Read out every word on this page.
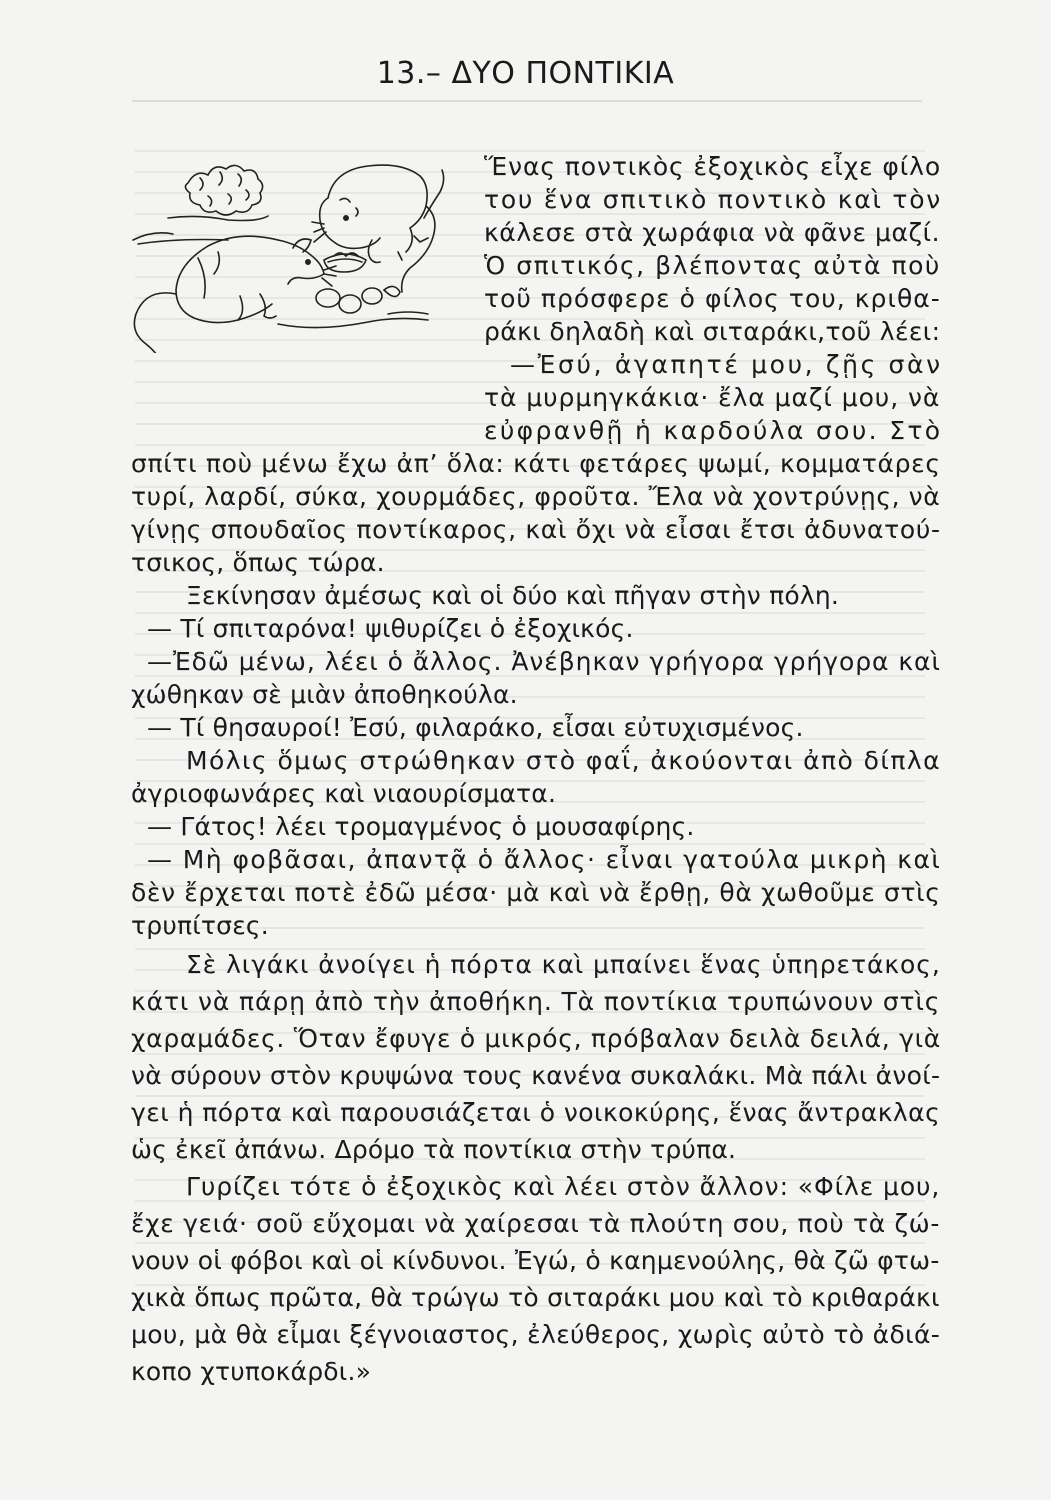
13.– ΔΥΟ ΠΟΝΤΙΚΙΑ
Ἕνας ποντικὸς ἐξοχικὸς εἶχε φίλο
του ἕνα σπιτικὸ ποντικὸ καὶ τὸν
κάλεσε στὰ χωράφια νὰ φᾶνε μαζί.
Ὁ σπιτικός, βλέποντας αὐτὰ ποὺ
τοῦ πρόσφερε ὁ φίλος του, κριθα-
ράκι δηλαδὴ καὶ σιταράκι,τοῦ λέει:
—Ἐσύ, ἀγαπητέ μου, ζῇς σὰν
τὰ μυρμηγκάκια· ἔλα μαζί μου, νὰ
εὐφρανθῇ ἡ καρδούλα σου. Στὸ
σπίτι ποὺ μένω ἔχω ἀπ’ ὅλα: κάτι φετάρες ψωμί, κομματάρες
τυρί, λαρδί, σύκα, χουρμάδες, φροῦτα. Ἔλα νὰ χοντρύνῃς, νὰ
γίνῃς σπουδαῖος ποντίκαρος, καὶ ὄχι νὰ εἶσαι ἔτσι ἀδυνατού-
τσικος, ὅπως τώρα.
Ξεκίνησαν ἀμέσως καὶ οἱ δύο καὶ πῆγαν στὴν πόλη.
— Τί σπιταρόνα! ψιθυρίζει ὁ ἐξοχικός.
—Ἐδῶ μένω, λέει ὁ ἄλλος. Ἀνέβηκαν γρήγορα γρήγορα καὶ
χώθηκαν σὲ μιὰν ἀποθηκούλα.
— Τί θησαυροί! Ἐσύ, φιλαράκο, εἶσαι εὐτυχισμένος.
Μόλις ὅμως στρώθηκαν στὸ φαΐ, ἀκούονται ἀπὸ δίπλα
ἀγριοφωνάρες καὶ νιαουρίσματα.
— Γάτος! λέει τρομαγμένος ὁ μουσαφίρης.
— Μὴ φοβᾶσαι, ἀπαντᾷ ὁ ἄλλος· εἶναι γατούλα μικρὴ καὶ
δὲν ἔρχεται ποτὲ ἐδῶ μέσα· μὰ καὶ νὰ ἔρθῃ, θὰ χωθοῦμε στὶς
τρυπίτσες.
Σὲ λιγάκι ἀνοίγει ἡ πόρτα καὶ μπαίνει ἕνας ὑπηρετάκος,
κάτι νὰ πάρῃ ἀπὸ τὴν ἀποθήκη. Τὰ ποντίκια τρυπώνουν στὶς
χαραμάδες. Ὅταν ἔφυγε ὁ μικρός, πρόβαλαν δειλὰ δειλά, γιὰ
νὰ σύρουν στὸν κρυψώνα τους κανένα συκαλάκι. Μὰ πάλι ἀνοί-
γει ἡ πόρτα καὶ παρουσιάζεται ὁ νοικοκύρης, ἕνας ἄντρακλας
ὡς ἐκεῖ ἀπάνω. Δρόμο τὰ ποντίκια στὴν τρύπα.
Γυρίζει τότε ὁ ἐξοχικὸς καὶ λέει στὸν ἄλλον: «Φίλε μου,
ἔχε γειά· σοῦ εὔχομαι νὰ χαίρεσαι τὰ πλούτη σου, ποὺ τὰ ζώ-
νουν οἱ φόβοι καὶ οἱ κίνδυνοι. Ἐγώ, ὁ καημενούλης, θὰ ζῶ φτω-
χικὰ ὅπως πρῶτα, θὰ τρώγω τὸ σιταράκι μου καὶ τὸ κριθαράκι
μου, μὰ θὰ εἶμαι ξέγνοιαστος, ἐλεύθερος, χωρὶς αὐτὸ τὸ ἀδιά-
κοπο χτυποκάρδι.»
